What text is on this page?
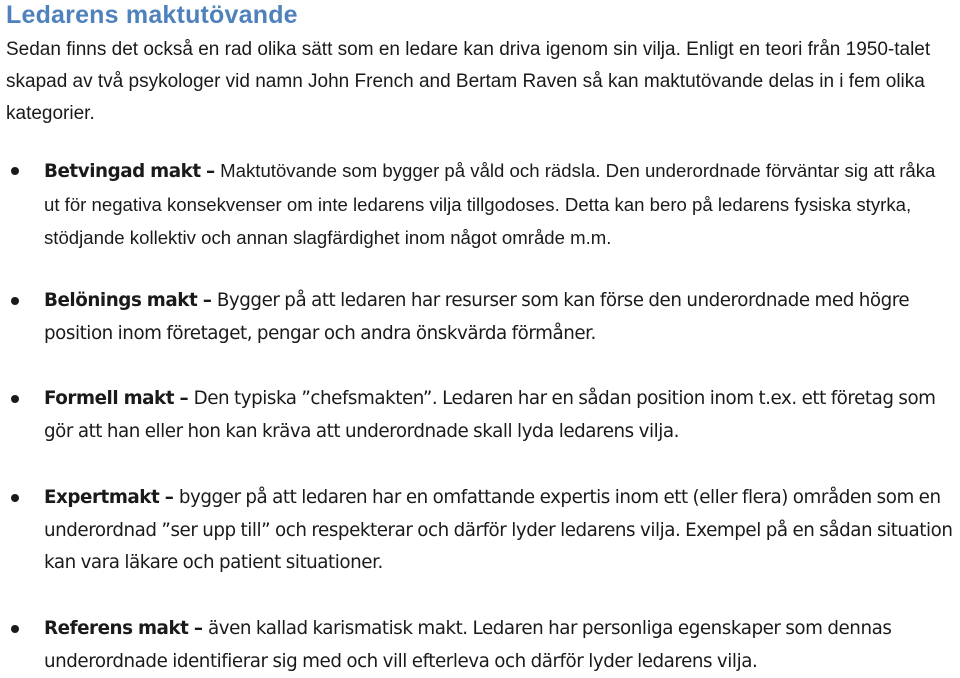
Ledarens maktutövande

Sedan finns det också en rad olika sätt som en ledare kan driva igenom sin vilja. Enligt en teori från 1950-talet skapad av två psykologer vid namn John French and Bertam Raven så kan maktutövande delas in i fem olika kategorier.

Betvingad makt – Maktutövande som bygger på våld och rädsla. Den underordnade förväntar sig att råka ut för negativa konsekvenser om inte ledarens vilja tillgodoses. Detta kan bero på ledarens fysiska styrka, stödjande kollektiv och annan slagfärdighet inom något område m.m.
Belönings makt – Bygger på att ledaren har resurser som kan förse den underordnade med högre position inom företaget, pengar och andra önskvärda förmåner.
Formell makt – Den typiska ”chefsmakten”. Ledaren har en sådan position inom t.ex. ett företag som gör att han eller hon kan kräva att underordnade skall lyda ledarens vilja.
Expertmakt – bygger på att ledaren har en omfattande expertis inom ett (eller flera) områden som en underordnad ”ser upp till” och respekterar och därför lyder ledarens vilja. Exempel på en sådan situation kan vara läkare och patient situationer.
Referens makt – även kallad karismatisk makt. Ledaren har personliga egenskaper som dennas underordnade identifierar sig med och vill efterleva och därför lyder ledarens vilja.
